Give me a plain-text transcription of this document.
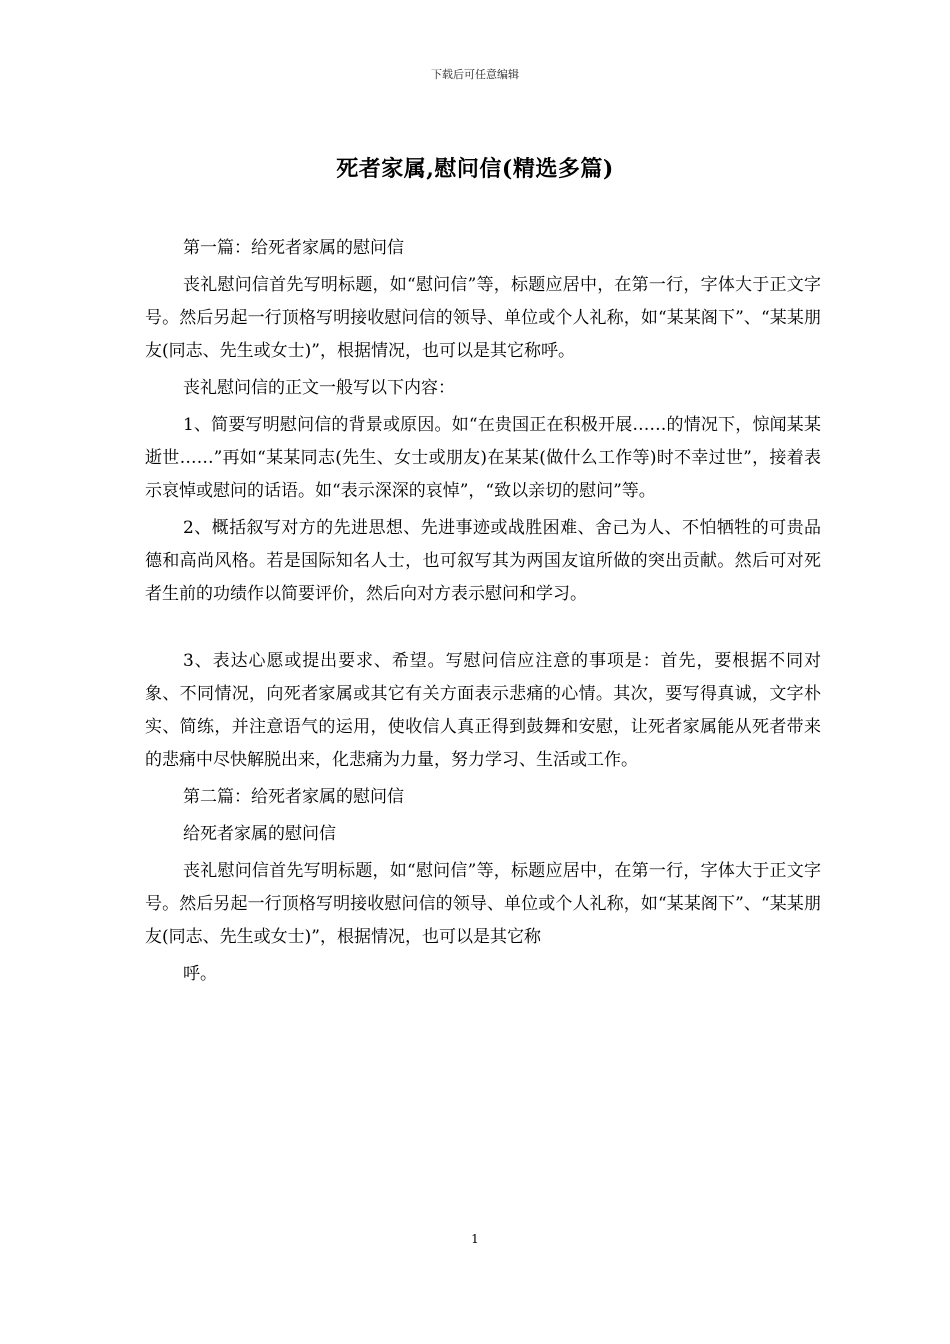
下载后可任意编辑
死者家属,慰问信(精选多篇)

第一篇：给死者家属的慰问信

丧礼慰问信首先写明标题，如“慰问信”等，标题应居中，在第一行，字体大于正文字号。然后另起一行顶格写明接收慰问信的领导、单位或个人礼称，如“某某阁下”、“某某朋友(同志、先生或女士)”，根据情况，也可以是其它称呼。

丧礼慰问信的正文一般写以下内容：

1、简要写明慰问信的背景或原因。如“在贵国正在积极开展……的情况下，惊闻某某逝世……”再如“某某同志(先生、女士或朋友)在某某(做什么工作等)时不幸过世”，接着表示哀悼或慰问的话语。如“表示深深的哀悼”，“致以亲切的慰问”等。

2、概括叙写对方的先进思想、先进事迹或战胜困难、舍己为人、不怕牺牲的可贵品德和高尚风格。若是国际知名人士，也可叙写其为两国友谊所做的突出贡献。然后可对死者生前的功绩作以简要评价，然后向对方表示慰问和学习。

3、表达心愿或提出要求、希望。写慰问信应注意的事项是：首先，要根据不同对象、不同情况，向死者家属或其它有关方面表示悲痛的心情。其次，要写得真诚，文字朴实、简练，并注意语气的运用，使收信人真正得到鼓舞和安慰，让死者家属能从死者带来的悲痛中尽快解脱出来，化悲痛为力量，努力学习、生活或工作。

第二篇：给死者家属的慰问信

给死者家属的慰问信

丧礼慰问信首先写明标题，如“慰问信”等，标题应居中，在第一行，字体大于正文字号。然后另起一行顶格写明接收慰问信的领导、单位或个人礼称，如“某某阁下”、“某某朋友(同志、先生或女士)”，根据情况，也可以是其它称

呼。

1
